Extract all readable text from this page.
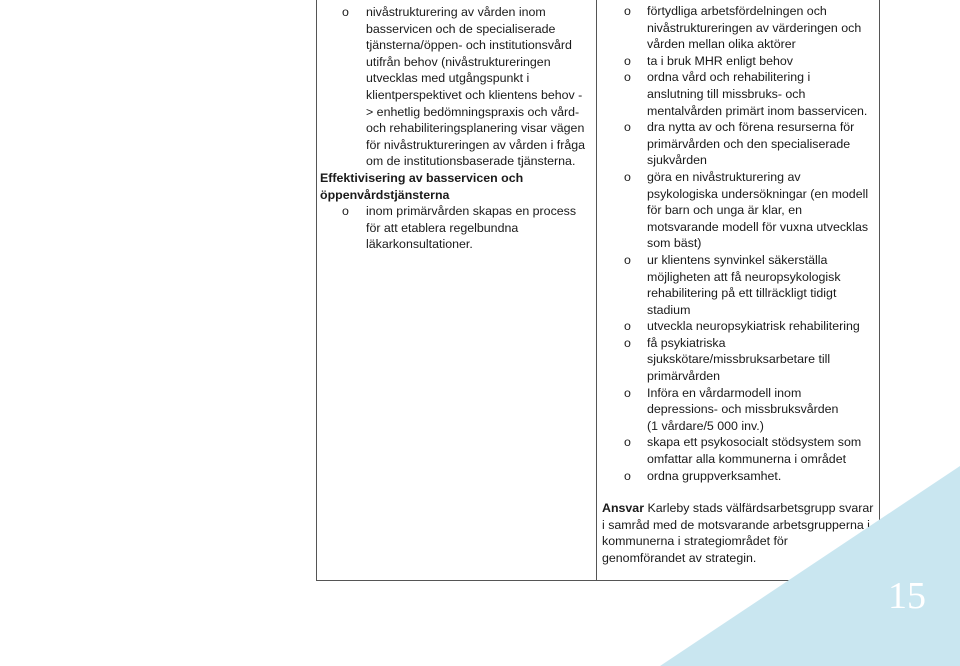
o nivåstrukturering av vården inom
basservicen och de specialiserade
tjänsterna/öppen- och institutionsvård
utifrån behov (nivåstruktureringen
utvecklas med utgångspunkt i
klientperspektivet och klientens behov -
> enhetlig bedömningspraxis och vård-
och rehabiliteringsplanering visar vägen
för nivåstruktureringen av vården i fråga
om de institutionsbaserade tjänsterna.
Effektivisering av basservicen och
öppenvårdstjänsterna
o inom primärvården skapas en process
för att etablera regelbundna
läkarkonsultationer.
o förtydliga arbetsfördelningen och
nivåstruktureringen av värderingen och
vården mellan olika aktörer
o ta i bruk MHR enligt behov
o ordna vård och rehabilitering i
anslutning till missbruks- och
mentalvården primärt inom basservicen.
o dra nytta av och förena resurserna för
primärvården och den specialiserade
sjukvården
o göra en nivåstrukturering av
psykologiska undersökningar (en modell
för barn och unga är klar, en
motsvarande modell för vuxna utvecklas
som bäst)
o ur klientens synvinkel säkerställa
möjligheten att få neuropsykologisk
rehabilitering på ett tillräckligt tidigt
stadium
o utveckla neuropsykiatrisk rehabilitering
o få psykiatriska
sjukskötare/missbruksarbetare till
primärvården
o Införa en vårdarmodell inom
depressions- och missbruksvården
(1 vårdare/5 000 inv.)
o skapa ett psykosocialt stödsystem som
omfattar alla kommunerna i området
o ordna gruppverksamhet.
Ansvar Karleby stads välfärdsarbetsgrupp svarar
i samråd med de motsvarande arbetsgrupperna i
kommunerna i strategiområdet för
genomförandet av strategin.
15
